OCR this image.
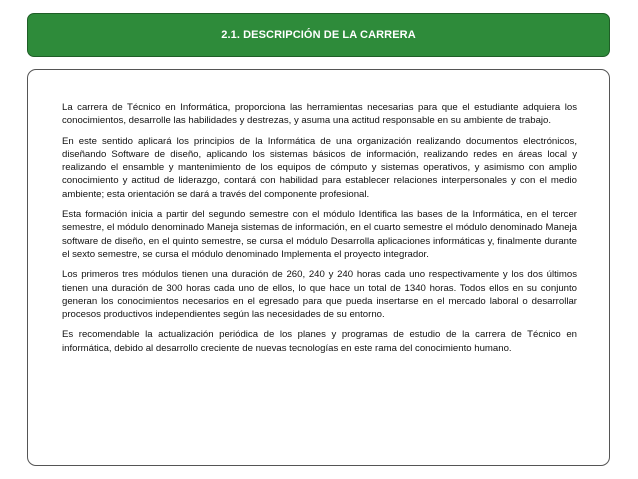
2.1. DESCRIPCIÓN DE LA CARRERA

La carrera de Técnico en Informática, proporciona las herramientas necesarias para que el estudiante adquiera los conocimientos, desarrolle las habilidades y destrezas, y asuma una actitud responsable en su ambiente de trabajo.

En este sentido aplicará los principios de la Informática de una organización realizando documentos electrónicos, diseñando Software de diseño, aplicando los sistemas básicos de información, realizando redes en áreas local y realizando el ensamble y mantenimiento de los equipos de cómputo y sistemas operativos, y asimismo con amplio conocimiento y actitud de liderazgo, contará con habilidad para establecer relaciones interpersonales y con el medio ambiente; esta orientación se dará a través del componente profesional.

Esta formación inicia a partir del segundo semestre con el módulo Identifica las bases de la Informática, en el tercer semestre, el módulo denominado Maneja sistemas de información, en el cuarto semestre el módulo denominado Maneja software de diseño, en el quinto semestre, se cursa el módulo Desarrolla aplicaciones informáticas y, finalmente durante el sexto semestre, se cursa el módulo denominado Implementa el proyecto integrador.

Los primeros tres módulos tienen una duración de 260, 240 y 240 horas cada uno respectivamente y los dos últimos tienen una duración de 300 horas cada uno de ellos, lo que hace un total de 1340 horas. Todos ellos en su conjunto generan los conocimientos necesarios en el egresado para que pueda insertarse en el mercado laboral o desarrollar procesos productivos independientes según las necesidades de su entorno.

Es recomendable la actualización periódica de los planes y programas de estudio de la carrera de Técnico en informática, debido al desarrollo creciente de nuevas tecnologías en este rama del conocimiento humano.
